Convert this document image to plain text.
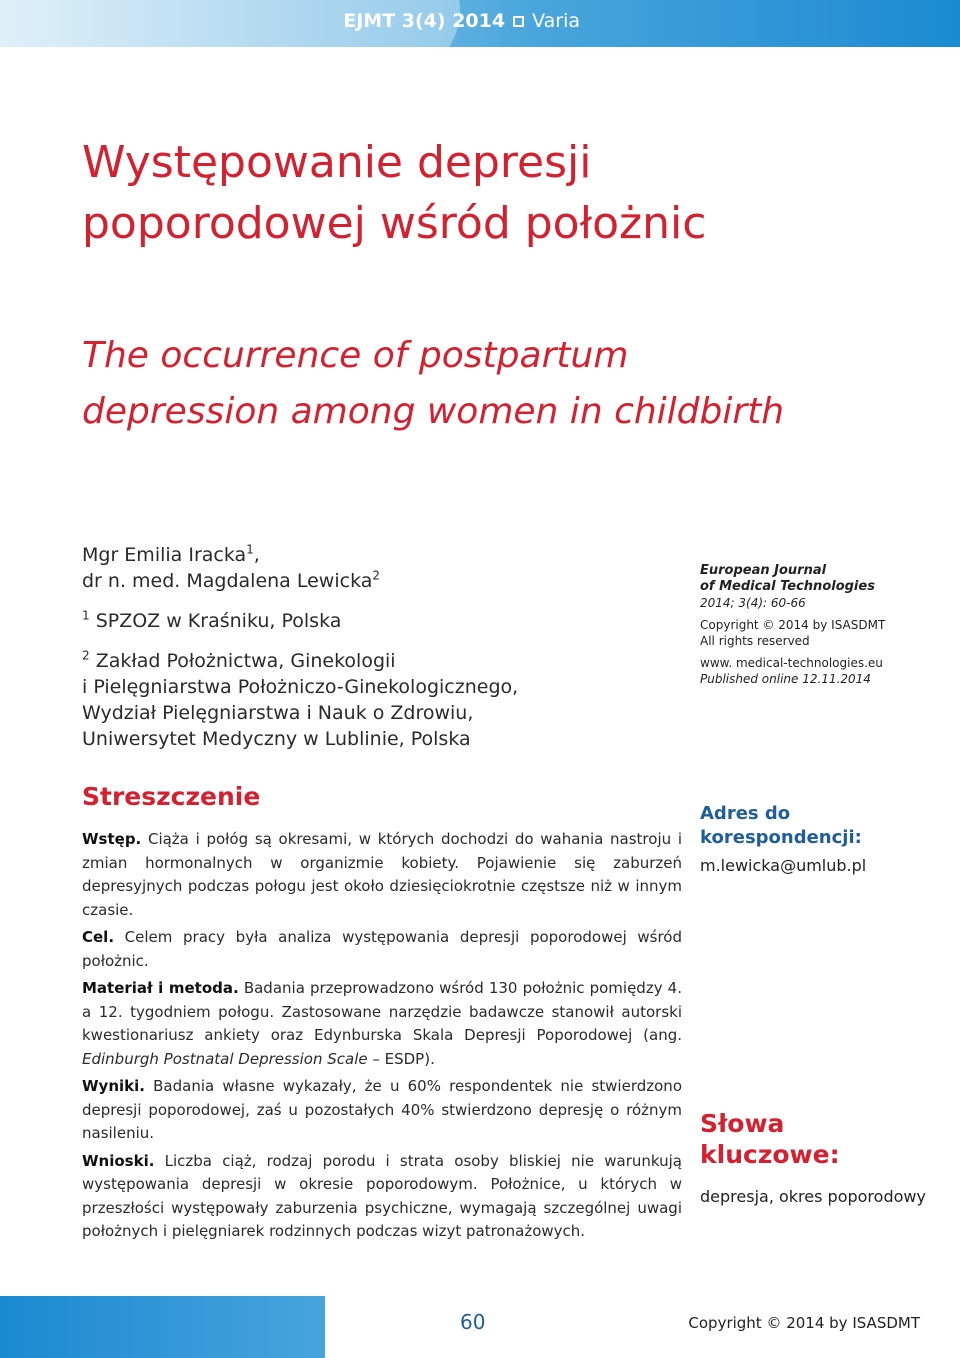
EJMT 3(4) 2014 Varia
Występowanie depresji
poporodowej wśród położnic
The occurrence of postpartum
depression among women in childbirth
Mgr Emilia Iracka$^1$,
dr n. med. Magdalena Lewicka$^2$
$^1$ SPZOZ w Kraśniku, Polska
$^2$ Zakład Położnictwa, Ginekologii
i Pielęgniarstwa Położniczo-Ginekologicznego,
Wydział Pielęgniarstwa i Nauk o Zdrowiu,
Uniwersytet Medyczny w Lublinie, Polska
European Journal
of Medical Technologies
2014; 3(4): 60-66
Copyright © 2014 by ISASDMT
All rights reserved
www. medical-technologies.eu
Published online 12.11.2014
Streszczenie

Wstęp. Ciąża i połóg są okresami, w których dochodzi do wahania nastroju i zmian hormonalnych w organizmie kobiety. Pojawienie się zaburzeń depresyjnych podczas połogu jest około dziesięciokrotnie częstsze niż w innym czasie.

Cel. Celem pracy była analiza występowania depresji poporodowej wśród położnic.

Materiał i metoda. Badania przeprowadzono wśród 130 położnic pomiędzy 4. a 12. tygodniem połogu. Zastosowane narzędzie badawcze stanowił autorski kwestionariusz ankiety oraz Edynburska Skala Depresji Poporodowej (ang. Edinburgh Postnatal Depression Scale – ESDP).

Wyniki. Badania własne wykazały, że u 60% respondentek nie stwierdzono depresji poporodowej, zaś u pozostałych 40% stwierdzono depresję o różnym nasileniu.

Wnioski. Liczba ciąż, rodzaj porodu i strata osoby bliskiej nie warunkują występowania depresji w okresie poporodowym. Położnice, u których w przeszłości występowały zaburzenia psychiczne, wymagają szczególnej uwagi położnych i pielęgniarek rodzinnych podczas wizyt patronażowych.

Adres do
korespondencji:
m.lewicka@umlub.pl
Słowa
kluczowe:
depresja, okres poporodowy
60	Copyright © 2014 by ISASDMT
